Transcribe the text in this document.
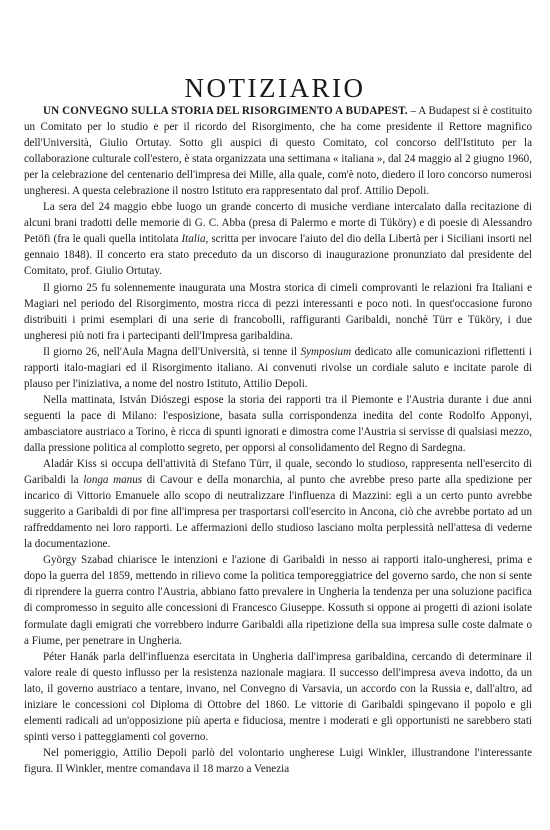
NOTIZIARIO

UN CONVEGNO SULLA STORIA DEL RISORGIMENTO A BUDAPEST. – A Budapest si è costituito un Comitato per lo studio e per il ricordo del Risorgimento, che ha come presidente il Rettore magnifico dell'Università, Giulio Ortutay. Sotto gli auspici di questo Comitato, col concorso dell'Istituto per la collaborazione culturale coll'estero, è stata organizzata una settimana « italiana », dal 24 maggio al 2 giugno 1960, per la celebrazione del centenario dell'impresa dei Mille, alla quale, com'è noto, diedero il loro concorso numerosi ungheresi. A questa celebrazione il nostro Istituto era rappresentato dal prof. Attilio Depoli.

La sera del 24 maggio ebbe luogo un grande concerto di musiche verdiane intercalato dalla recitazione di alcuni brani tradotti delle memorie di G. C. Abba (presa di Palermo e morte di Tüköry) e di poesie di Alessandro Petöfi (fra le quali quella intitolata Italia, scritta per invocare l'aiuto del dio della Libertà per i Siciliani insorti nel gennaio 1848). Il concerto era stato preceduto da un discorso di inaugurazione pronunziato dal presidente del Comitato, prof. Giulio Ortutay.

Il giorno 25 fu solennemente inaugurata una Mostra storica di cimeli comprovanti le relazioni fra Italiani e Magiari nel periodo del Risorgimento, mostra ricca di pezzi interessanti e poco noti. In quest'occasione furono distribuiti i primi esemplari di una serie di francobolli, raffiguranti Garibaldi, nonchè Türr e Tüköry, i due ungheresi più noti fra i partecipanti dell'Impresa garibaldina.

Il giorno 26, nell'Aula Magna dell'Università, si tenne il Symposium dedicato alle comunicazioni riflettenti i rapporti italo-magiari ed il Risorgimento italiano. Ai convenuti rivolse un cordiale saluto e incitate parole di plauso per l'iniziativa, a nome del nostro Istituto, Attilio Depoli.

Nella mattinata, István Diószegi espose la storia dei rapporti tra il Piemonte e l'Austria durante i due anni seguenti la pace di Milano: l'esposizione, basata sulla corrispondenza inedita del conte Rodolfo Apponyi, ambasciatore austriaco a Torino, è ricca di spunti ignorati e dimostra come l'Austria si servisse di qualsiasi mezzo, dalla pressione politica al complotto segreto, per opporsi al consolidamento del Regno di Sardegna.

Aladár Kiss si occupa dell'attività di Stefano Türr, il quale, secondo lo studioso, rappresenta nell'esercito di Garibaldi la longa manus di Cavour e della monarchia, al punto che avrebbe preso parte alla spedizione per incarico di Vittorio Emanuele allo scopo di neutralizzare l'influenza di Mazzini: egli a un certo punto avrebbe suggerito a Garibaldi di por fine all'impresa per trasportarsi coll'esercito in Ancona, ciò che avrebbe portato ad un raffreddamento nei loro rapporti. Le affermazioni dello studioso lasciano molta perplessità nell'attesa di vederne la documentazione.

György Szabad chiarisce le intenzioni e l'azione di Garibaldi in nesso ai rapporti italo-ungheresi, prima e dopo la guerra del 1859, mettendo in rilievo come la politica temporeggiatrice del governo sardo, che non si sente di riprendere la guerra contro l'Austria, abbiano fatto prevalere in Ungheria la tendenza per una soluzione pacifica di compromesso in seguito alle concessioni di Francesco Giuseppe. Kossuth si oppone ai progetti di azioni isolate formulate dagli emigrati che vorrebbero indurre Garibaldi alla ripetizione della sua impresa sulle coste dalmate o a Fiume, per penetrare in Ungheria.

Péter Hanák parla dell'influenza esercitata in Ungheria dall'impresa garibaldina, cercando di determinare il valore reale di questo influsso per la resistenza nazionale magiara. Il successo dell'impresa aveva indotto, da un lato, il governo austriaco a tentare, invano, nel Convegno di Varsavia, un accordo con la Russia e, dall'altro, ad iniziare le concessioni col Diploma di Ottobre del 1860. Le vittorie di Garibaldi spingevano il popolo e gli elementi radicali ad un'opposizione più aperta e fiduciosa, mentre i moderati e gli opportunisti ne sarebbero stati spinti verso i patteggiamenti col governo.

Nel pomeriggio, Attilio Depoli parlò del volontario ungherese Luigi Winkler, illustrandone l'interessante figura. Il Winkler, mentre comandava il 18 marzo a Venezia
